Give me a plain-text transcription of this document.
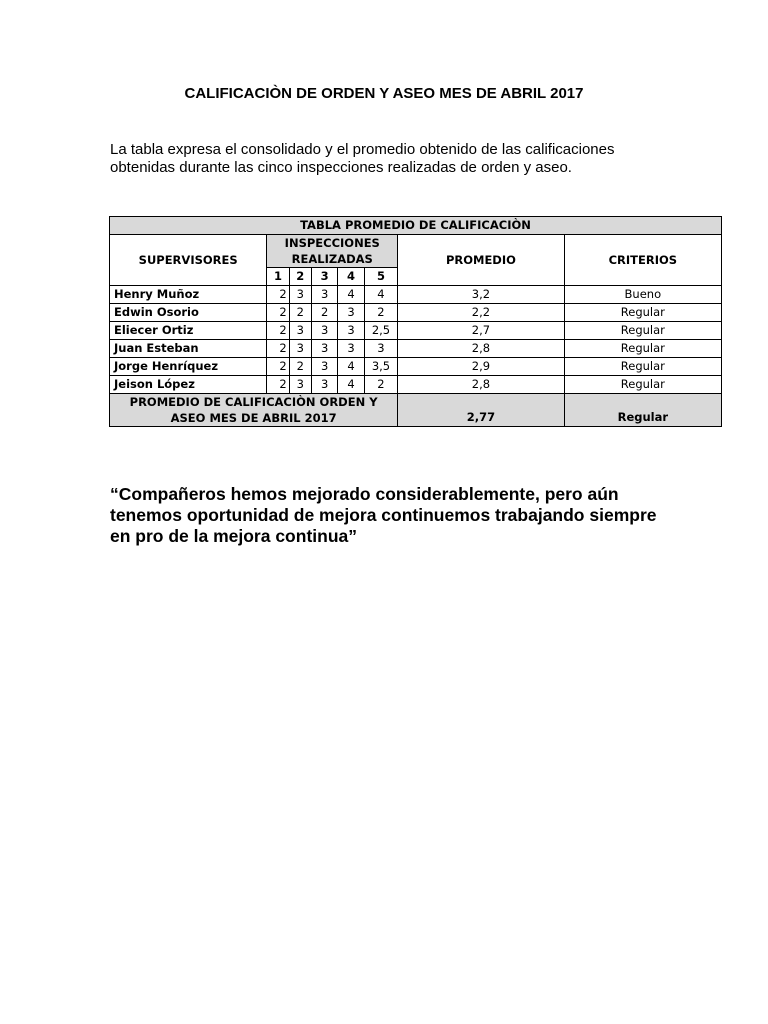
CALIFICACIÒN DE ORDEN Y ASEO MES DE ABRIL 2017
La tabla expresa el consolidado y el promedio obtenido de las calificaciones obtenidas durante las cinco inspecciones realizadas de orden y aseo.
TABLA PROMEDIO DE CALIFICACIÒN							
SUPERVISORES	INSPECCIONES REALIZADAS					PROMEDIO	CRITERIOS
	1	2	3	4	5		
Henry Muñoz	2	3	3	4	4	3,2	Bueno
Edwin Osorio	2	2	2	3	2	2,2	Regular
Eliecer Ortiz	2	3	3	3	2,5	2,7	Regular
Juan Esteban	2	3	3	3	3	2,8	Regular
Jorge Henríquez	2	2	3	4	3,5	2,9	Regular
Jeison López	2	3	3	4	2	2,8	Regular
PROMEDIO DE CALIFICACIÒN ORDEN Y ASEO MES DE ABRIL 2017						2,77	Regular
“Compañeros hemos mejorado considerablemente, pero aún tenemos oportunidad de mejora continuemos trabajando siempre en pro de la mejora continua”
